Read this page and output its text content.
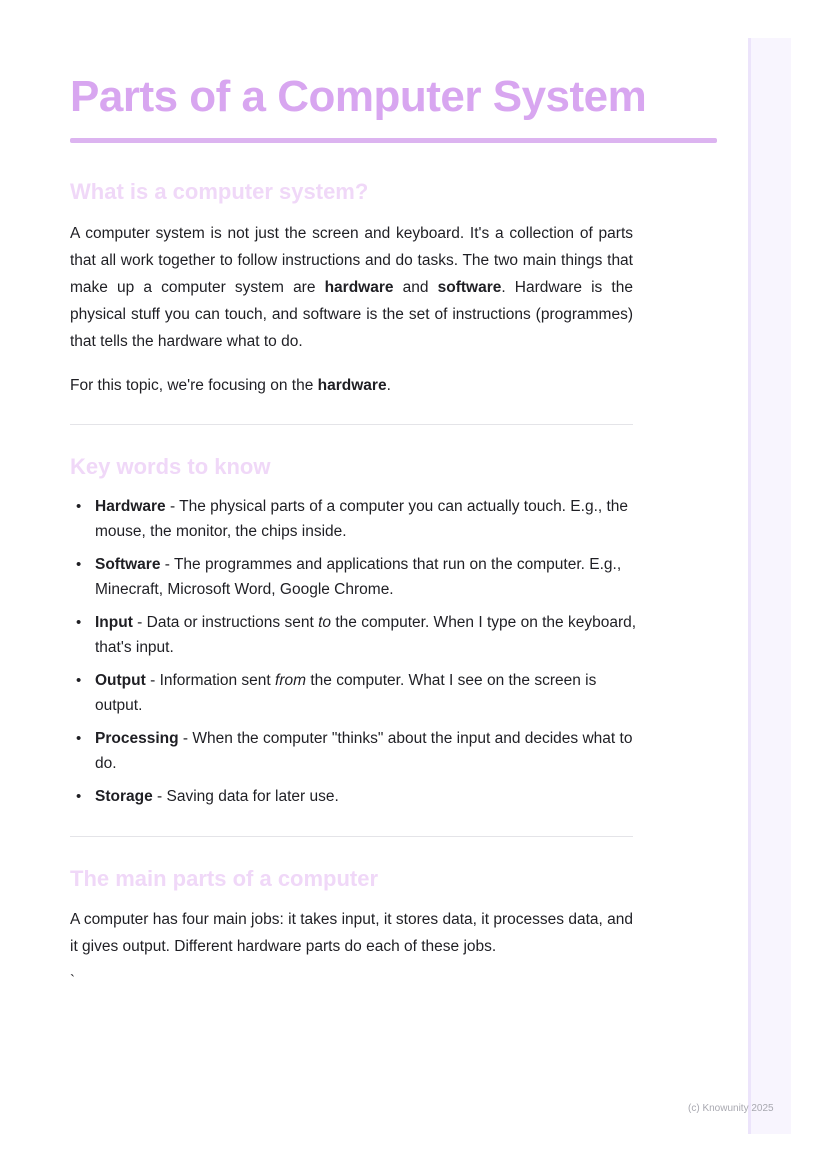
Parts of a Computer System
What is a computer system?

A computer system is not just the screen and keyboard. It's a collection of parts that all work together to follow instructions and do tasks. The two main things that make up a computer system are hardware and software. Hardware is the physical stuff you can touch, and software is the set of instructions (programmes) that tells the hardware what to do.

For this topic, we're focusing on the hardware.

Key words to know
• Hardware - The physical parts of a computer you can actually touch. E.g., the mouse, the monitor, the chips inside.
• Software - The programmes and applications that run on the computer. E.g., Minecraft, Microsoft Word, Google Chrome.
• Input - Data or instructions sent to the computer. When I type on the keyboard, that's input.
• Output - Information sent from the computer. What I see on the screen is output.
• Processing - When the computer "thinks" about the input and decides what to do.
• Storage - Saving data for later use.
The main parts of a computer

A computer has four main jobs: it takes input, it stores data, it processes data, and it gives output. Different hardware parts do each of these jobs.

`
(c) Knowunity 2025
